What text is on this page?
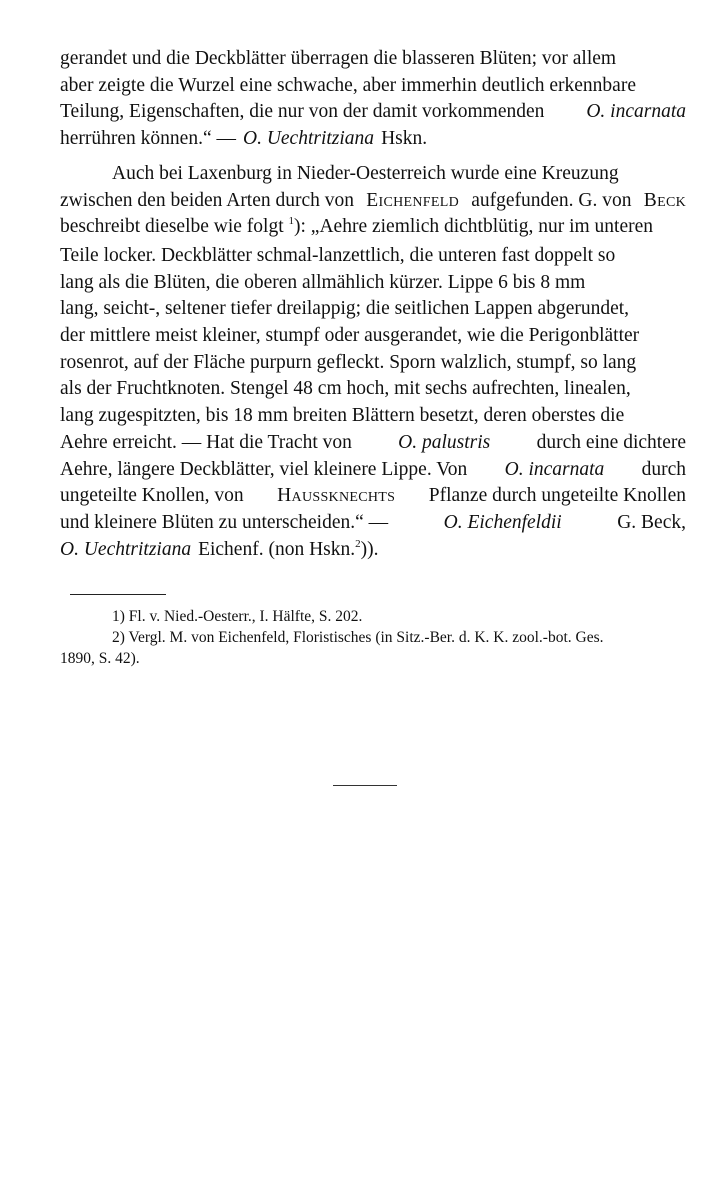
gerandet und die Deckblätter überragen die blasseren Blüten; vor allem
aber zeigte die Wurzel eine schwache, aber immerhin deutlich erkennbare
Teilung, Eigenschaften, die nur von der damit vorkommenden O. incarnata
herrühren können.“ — O. Uechtritziana Hskn.
Auch bei Laxenburg in Nieder-Oesterreich wurde eine Kreuzung
zwischen den beiden Arten durch von Eichenfeld aufgefunden. G. von Beck
beschreibt dieselbe wie folgt 1): „Aehre ziemlich dichtblütig, nur im unteren
Teile locker. Deckblätter schmal-lanzettlich, die unteren fast doppelt so
lang als die Blüten, die oberen allmählich kürzer. Lippe 6 bis 8 mm
lang, seicht-, seltener tiefer dreilappig; die seitlichen Lappen abgerundet,
der mittlere meist kleiner, stumpf oder ausgerandet, wie die Perigonblätter
rosenrot, auf der Fläche purpurn gefleckt. Sporn walzlich, stumpf, so lang
als der Fruchtknoten. Stengel 48 cm hoch, mit sechs aufrechten, linealen,
lang zugespitzten, bis 18 mm breiten Blättern besetzt, deren oberstes die
Aehre erreicht. — Hat die Tracht von O. palustris durch eine dichtere
Aehre, längere Deckblätter, viel kleinere Lippe. Von O. incarnata durch
ungeteilte Knollen, von Haussknechts Pflanze durch ungeteilte Knollen
und kleinere Blüten zu unterscheiden.“ —	O. Eichenfeldii	G. Beck,
O. Uechtritziana Eichenf. (non Hskn.2)).
1) Fl. v. Nied.-Oesterr., I. Hälfte, S. 202.
2) Vergl. M. von Eichenfeld, Floristisches (in Sitz.-Ber. d. K. K. zool.-bot. Ges.
1890, S. 42).
